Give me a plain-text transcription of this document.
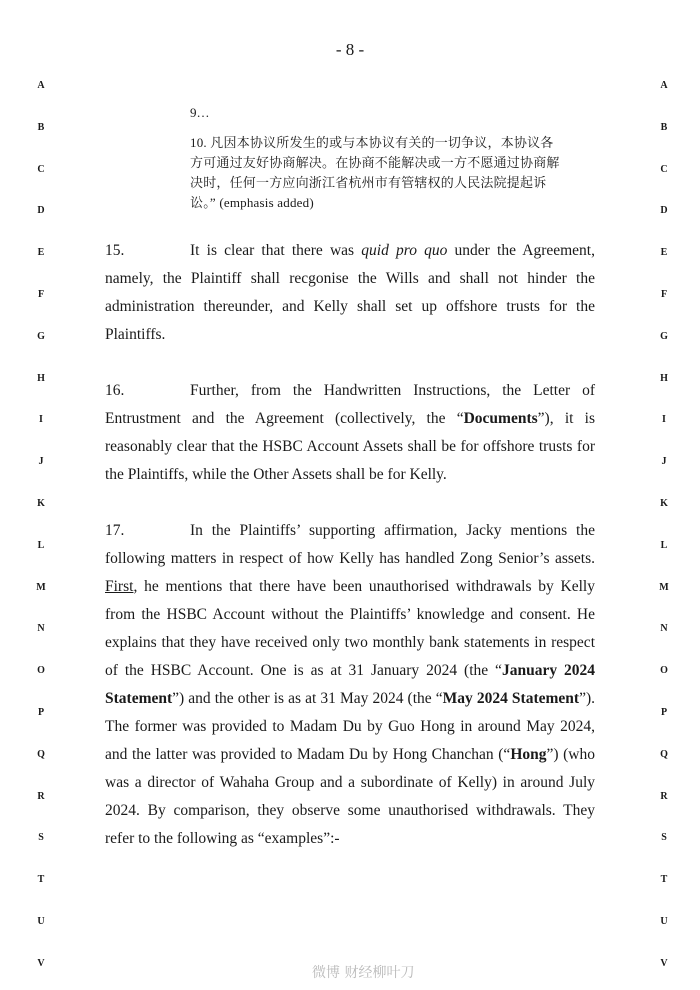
- 8 -
A
B
C
D
E
F
G
H
I
J
K
L
M
N
O
P
Q
R
S
T
U
V
A
B
C
D
E
F
G
H
I
J
K
L
M
N
O
P
Q
R
S
T
U
V

9…

10. 凡因本协议所发生的或与本协议有关的一切争议，本协议各方可通过友好协商解决。在协商不能解决或一方不愿通过协商解决时，任何一方应向浙江省杭州市有管辖权的人民法院提起诉讼。” (emphasis added)

15.	It is clear that there was quid pro quo under the Agreement, namely, the Plaintiff shall recgonise the Wills and shall not hinder the administration thereunder, and Kelly shall set up offshore trusts for the Plaintiffs.

16.	Further, from the Handwritten Instructions, the Letter of Entrustment and the Agreement (collectively, the “Documents”), it is reasonably clear that the HSBC Account Assets shall be for offshore trusts for the Plaintiffs, while the Other Assets shall be for Kelly.

17.	In the Plaintiffs’ supporting affirmation, Jacky mentions the following matters in respect of how Kelly has handled Zong Senior’s assets. First, he mentions that there have been unauthorised withdrawals by Kelly from the HSBC Account without the Plaintiffs’ knowledge and consent. He explains that they have received only two monthly bank statements in respect of the HSBC Account. One is as at 31 January 2024 (the “January 2024 Statement”) and the other is as at 31 May 2024 (the “May 2024 Statement”). The former was provided to Madam Du by Guo Hong in around May 2024, and the latter was provided to Madam Du by Hong Chanchan (“Hong”) (who was a director of Wahaha Group and a subordinate of Kelly) in around July 2024. By comparison, they observe some unauthorised withdrawals. They refer to the following as “examples”:-

微博 财经柳叶刀
